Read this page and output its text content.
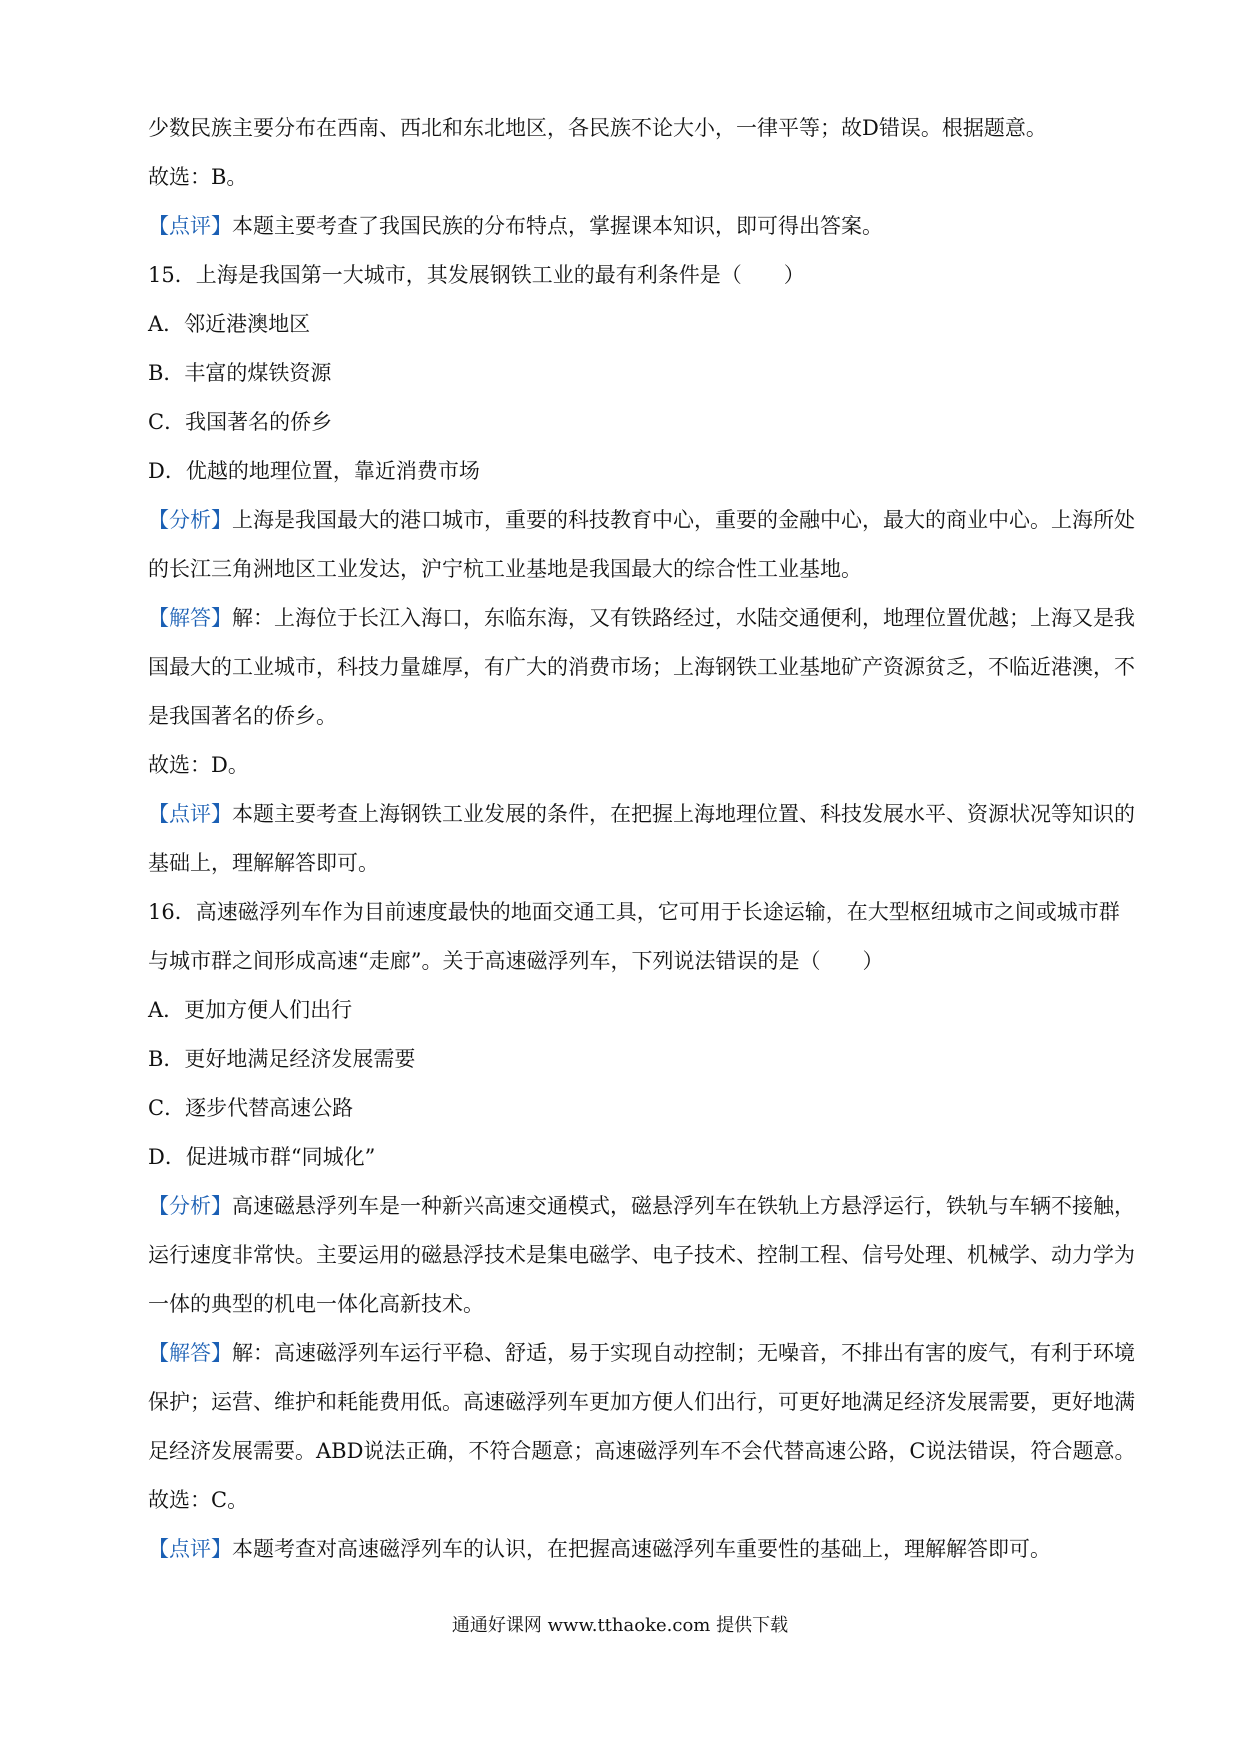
少数民族主要分布在西南、西北和东北地区，各民族不论大小，一律平等；故D错误。根据题意。

故选：B。

【点评】本题主要考查了我国民族的分布特点，掌握课本知识，即可得出答案。

15．上海是我国第一大城市，其发展钢铁工业的最有利条件是（　　）

A．邻近港澳地区

B．丰富的煤铁资源

C．我国著名的侨乡

D．优越的地理位置，靠近消费市场

【分析】上海是我国最大的港口城市，重要的科技教育中心，重要的金融中心，最大的商业中心。上海所处的长江三角洲地区工业发达，沪宁杭工业基地是我国最大的综合性工业基地。

【解答】解：上海位于长江入海口，东临东海，又有铁路经过，水陆交通便利，地理位置优越；上海又是我国最大的工业城市，科技力量雄厚，有广大的消费市场；上海钢铁工业基地矿产资源贫乏，不临近港澳，不是我国著名的侨乡。

故选：D。

【点评】本题主要考查上海钢铁工业发展的条件，在把握上海地理位置、科技发展水平、资源状况等知识的基础上，理解解答即可。

16．高速磁浮列车作为目前速度最快的地面交通工具，它可用于长途运输，在大型枢纽城市之间或城市群与城市群之间形成高速“走廊”。关于高速磁浮列车，下列说法错误的是（　　）

A．更加方便人们出行

B．更好地满足经济发展需要

C．逐步代替高速公路

D．促进城市群“同城化”

【分析】高速磁悬浮列车是一种新兴高速交通模式，磁悬浮列车在铁轨上方悬浮运行，铁轨与车辆不接触，运行速度非常快。主要运用的磁悬浮技术是集电磁学、电子技术、控制工程、信号处理、机械学、动力学为一体的典型的机电一体化高新技术。

【解答】解：高速磁浮列车运行平稳、舒适，易于实现自动控制；无噪音，不排出有害的废气，有利于环境保护；运营、维护和耗能费用低。高速磁浮列车更加方便人们出行，可更好地满足经济发展需要，更好地满足经济发展需要。ABD说法正确，不符合题意；高速磁浮列车不会代替高速公路，C说法错误，符合题意。

故选：C。

【点评】本题考查对高速磁浮列车的认识，在把握高速磁浮列车重要性的基础上，理解解答即可。

通通好课网 www.tthaoke.com 提供下载
